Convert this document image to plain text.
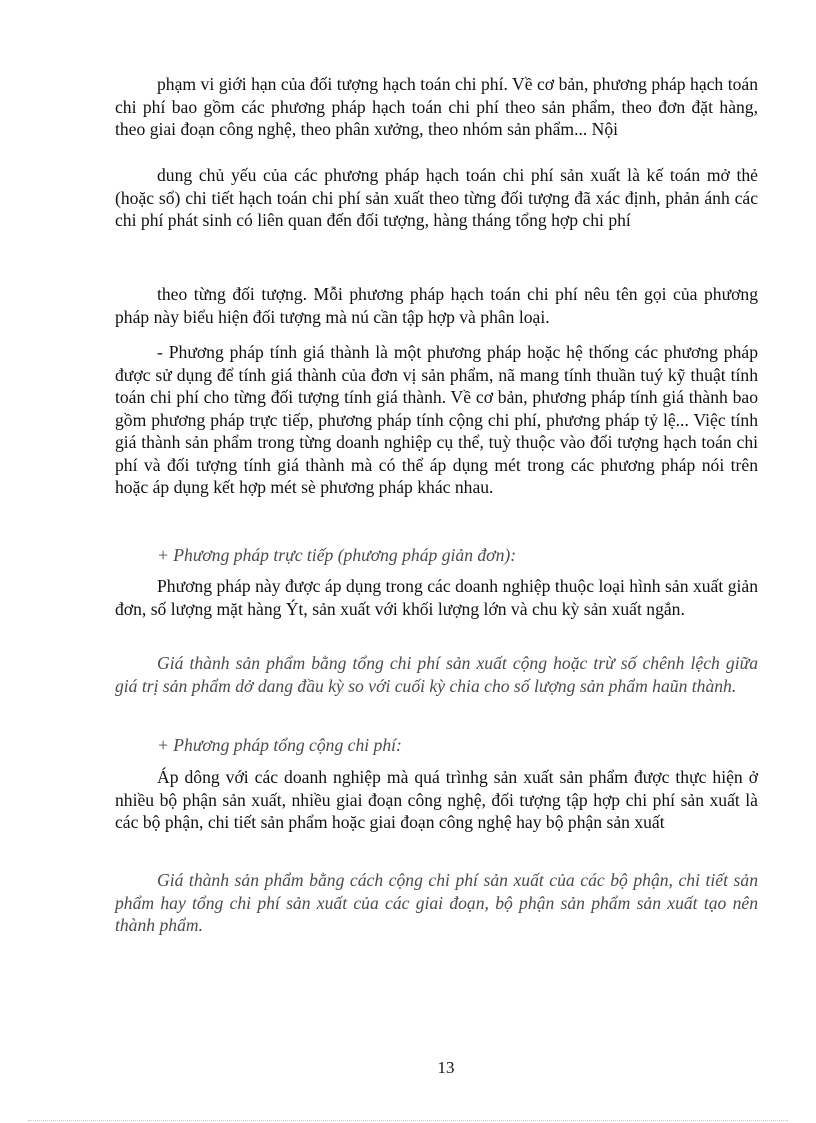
phạm vi giới hạn của đối tượng hạch toán chi phí. Về cơ bản, phương pháp hạch toán chi phí bao gồm các phương pháp hạch toán chi phí theo sản phẩm, theo đơn đặt hàng, theo giai đoạn công nghệ, theo phân xưởng, theo nhóm sản phẩm... Nội

dung chủ yếu của các phương pháp hạch toán chi phí sản xuất là kế toán mở thẻ (hoặc sổ) chi tiết hạch toán chi phí sản xuất theo từng đối tượng đã xác định, phản ánh các chi phí phát sinh có liên quan đến đối tượng, hàng tháng tổng hợp chi phí

theo từng đối tượng. Mỗi phương pháp hạch toán chi phí nêu tên gọi của phương pháp này biểu hiện đối tượng mà nú cần tập hợp và phân loại.

- Phương pháp tính giá thành là một phương pháp hoặc hệ thống các phương pháp được sử dụng để tính giá thành của đơn vị sản phẩm, nã mang tính thuần tuý kỹ thuật tính toán chi phí cho từng đối tượng tính giá thành. Về cơ bản, phương pháp tính giá thành bao gồm phương pháp trực tiếp, phương pháp tính cộng chi phí, phương pháp tỷ lệ... Việc tính giá thành sản phẩm trong từng doanh nghiệp cụ thể, tuỳ thuộc vào đối tượng hạch toán chi phí và đối tượng tính giá thành mà có thể áp dụng mét trong các phương pháp nói trên hoặc áp dụng kết hợp mét sè phương pháp khác nhau.

+ Phương pháp trực tiếp (phương pháp giản đơn):

Phương pháp này được áp dụng trong các doanh nghiệp thuộc loại hình sản xuất giản đơn, số lượng mặt hàng Ýt, sản xuất với khối lượng lớn và chu kỳ sản xuất ngắn.

Giá thành sản phẩm bằng tổng chi phí sản xuất cộng hoặc trừ số chênh lệch giữa giá trị sản phẩm dở dang đầu kỳ so với cuối kỳ chia cho số lượng sản phẩm haũn thành.

+ Phương pháp tổng cộng chi phí:

Áp dông với các doanh nghiệp mà quá trìnhg sản xuất sản phẩm được thực hiện ở nhiều bộ phận sản xuất, nhiều giai đoạn công nghệ, đối tượng tập hợp chi phí sản xuất là các bộ phận, chi tiết sản phẩm hoặc giai đoạn công nghệ hay bộ phận sản xuất

Giá thành sản phẩm bằng cách cộng chi phí sản xuất của các bộ phận, chi tiết sản phẩm hay tổng chi phí sản xuất của các giai đoạn, bộ phận sản phẩm sản xuất tạo nên thành phẩm.

13
